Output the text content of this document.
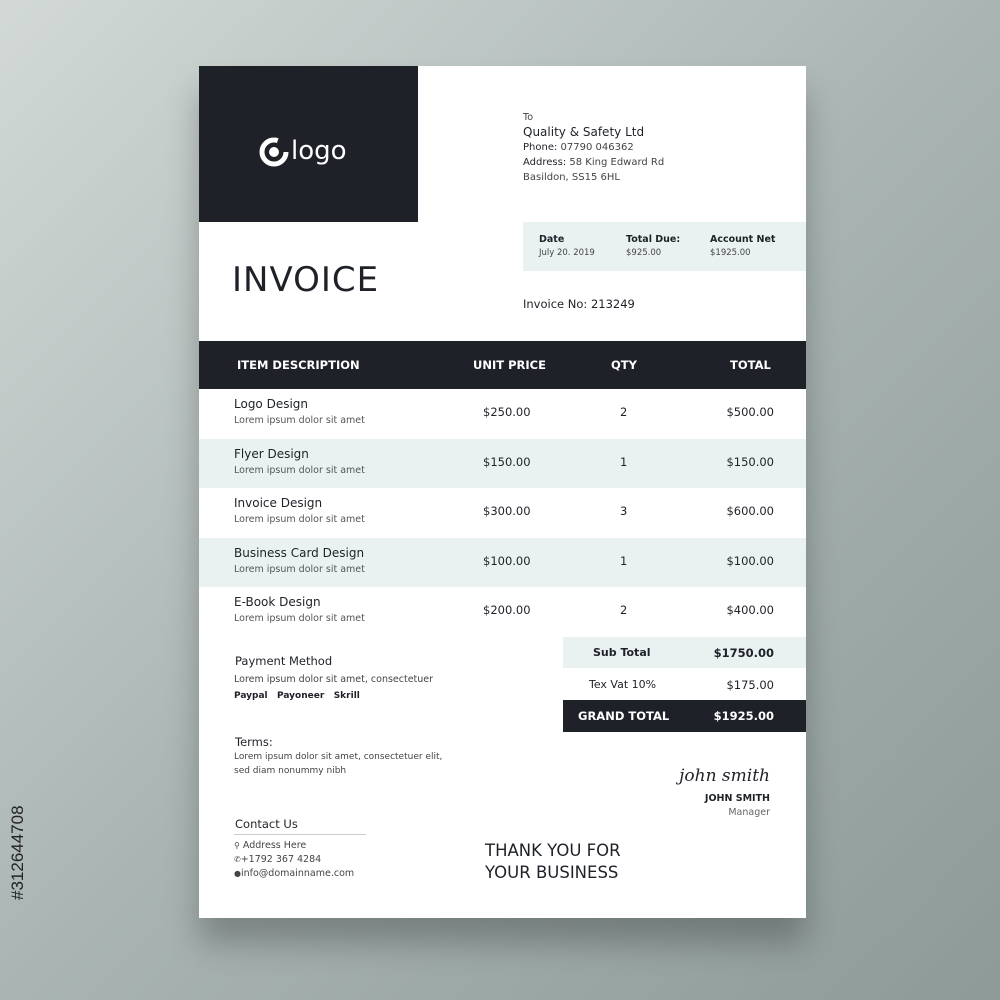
#312644708
logo
To
Quality & Safety Ltd
Phone: 07790 046362
Address: 58 King Edward Rd
Basildon, SS15 6HL
Date
July 20. 2019
Total Due:
$925.00
Account Net
$1925.00
INVOICE
Invoice No: 213249
ITEM DESCRIPTION	UNIT PRICE	QTY	TOTAL
Logo Design
Lorem ipsum dolor sit amet
$250.00	2	$500.00
Flyer Design
Lorem ipsum dolor sit amet
$150.00	1	$150.00
Invoice Design
Lorem ipsum dolor sit amet
$300.00	3	$600.00
Business Card Design
Lorem ipsum dolor sit amet
$100.00	1	$100.00
E-Book Design
Lorem ipsum dolor sit amet
$200.00	2	$400.00
Sub Total	$1750.00
Tex Vat 10%	$175.00
GRAND TOTAL	$1925.00
Payment Method
Lorem ipsum dolor sit amet, consectetuer
Paypal Payoneer Skrill
Terms:
Lorem ipsum dolor sit amet, consectetuer elit,
sed diam nonummy nibh	john smith
JOHN SMITH
Manager
Contact Us
⚲ Address Here
✆+1792 367 4284
●info@domainname.com
THANK YOU FOR
YOUR BUSINESS
